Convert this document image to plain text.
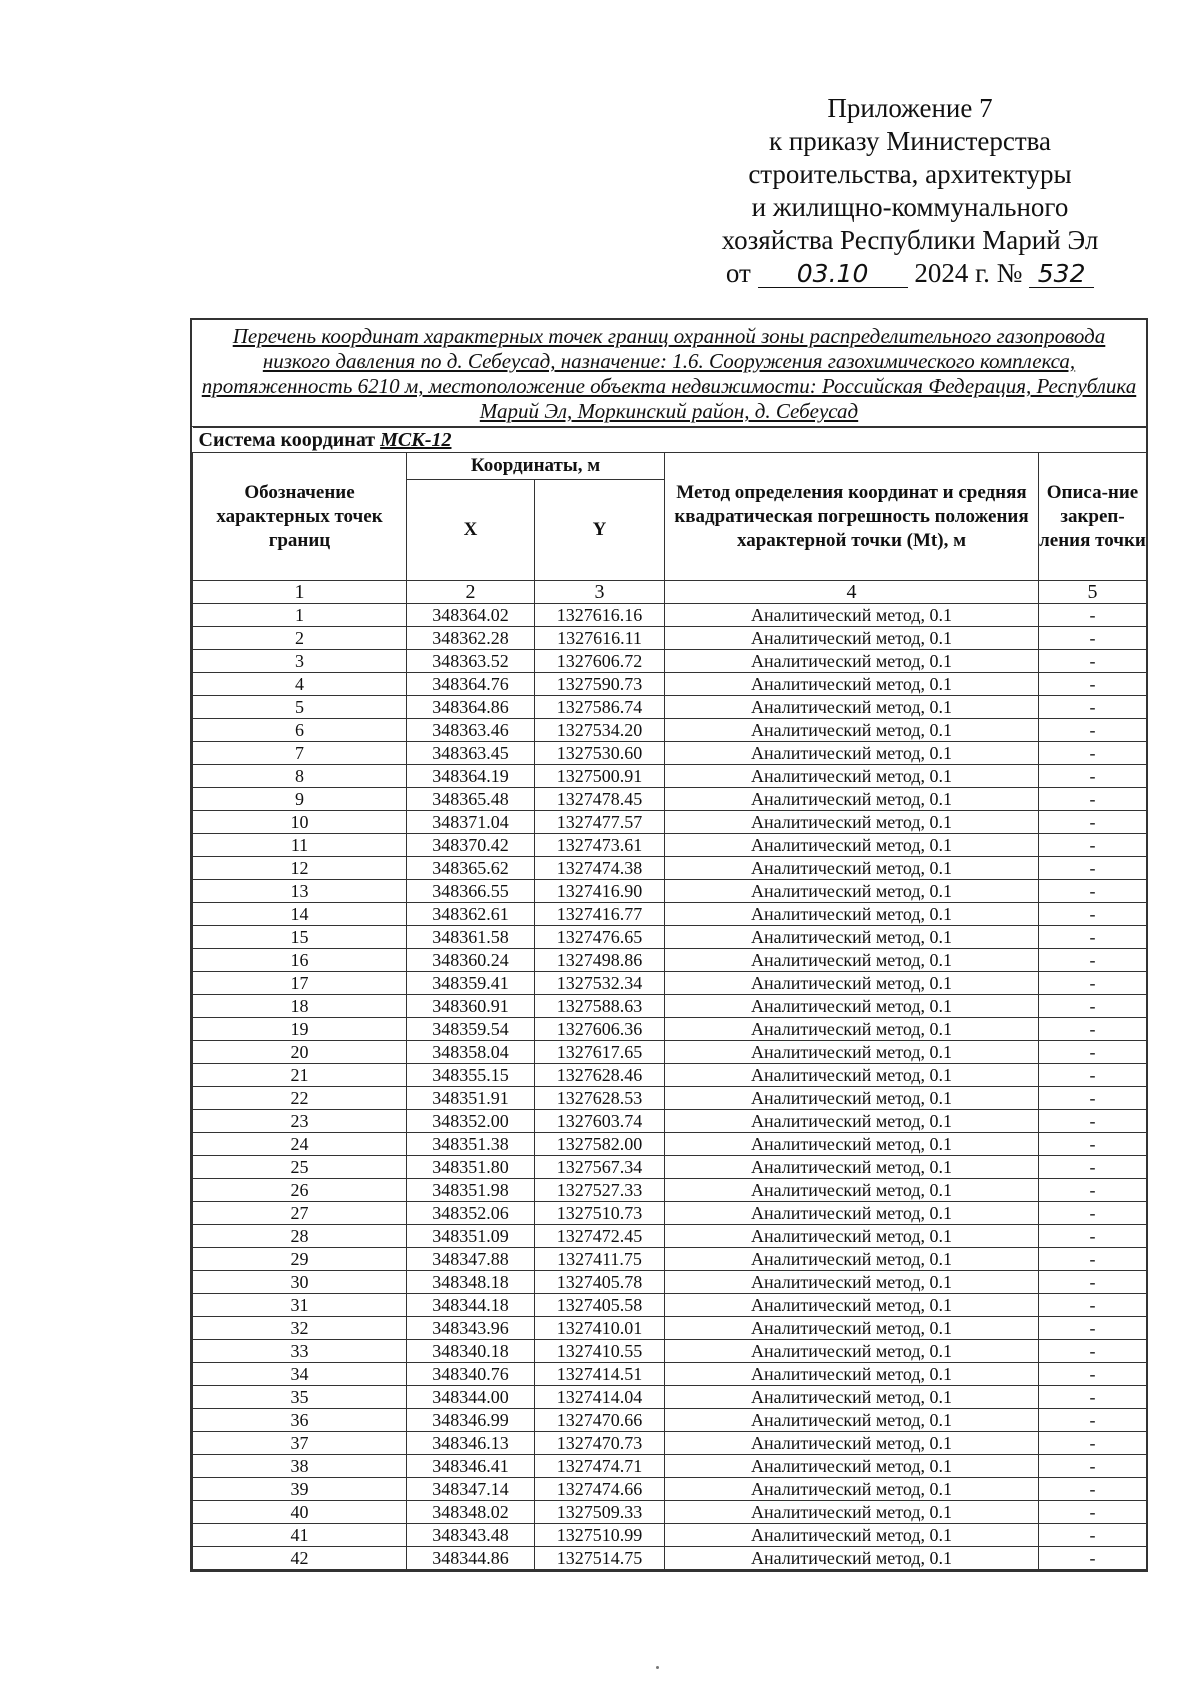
Приложение 7
к приказу Министерства
строительства, архитектуры
и жилищно-коммунального
хозяйства Республики Марий Эл
от 03.10 2024 г. № 532
Перечень координат характерных точек границ охранной зоны распределительного газопровода низкого давления по д. Себеусад, назначение: 1.6. Сооружения газохимического комплекса, протяженность 6210 м, местоположение объекта недвижимости: Российская Федерация, Республика Марий Эл, Моркинский район, д. Себеусад
Система координат МСК-12				
Обозначение характерных точек границ	Координаты, м		Метод определения координат и средняя квадратическая погрешность положения характерной точки (Mt), м	Описа-ние закреп-ления точки
	X	Y		
1	2	3	4	5
1	348364.02	1327616.16	Аналитический метод, 0.1	-
2	348362.28	1327616.11	Аналитический метод, 0.1	-
3	348363.52	1327606.72	Аналитический метод, 0.1	-
4	348364.76	1327590.73	Аналитический метод, 0.1	-
5	348364.86	1327586.74	Аналитический метод, 0.1	-
6	348363.46	1327534.20	Аналитический метод, 0.1	-
7	348363.45	1327530.60	Аналитический метод, 0.1	-
8	348364.19	1327500.91	Аналитический метод, 0.1	-
9	348365.48	1327478.45	Аналитический метод, 0.1	-
10	348371.04	1327477.57	Аналитический метод, 0.1	-
11	348370.42	1327473.61	Аналитический метод, 0.1	-
12	348365.62	1327474.38	Аналитический метод, 0.1	-
13	348366.55	1327416.90	Аналитический метод, 0.1	-
14	348362.61	1327416.77	Аналитический метод, 0.1	-
15	348361.58	1327476.65	Аналитический метод, 0.1	-
16	348360.24	1327498.86	Аналитический метод, 0.1	-
17	348359.41	1327532.34	Аналитический метод, 0.1	-
18	348360.91	1327588.63	Аналитический метод, 0.1	-
19	348359.54	1327606.36	Аналитический метод, 0.1	-
20	348358.04	1327617.65	Аналитический метод, 0.1	-
21	348355.15	1327628.46	Аналитический метод, 0.1	-
22	348351.91	1327628.53	Аналитический метод, 0.1	-
23	348352.00	1327603.74	Аналитический метод, 0.1	-
24	348351.38	1327582.00	Аналитический метод, 0.1	-
25	348351.80	1327567.34	Аналитический метод, 0.1	-
26	348351.98	1327527.33	Аналитический метод, 0.1	-
27	348352.06	1327510.73	Аналитический метод, 0.1	-
28	348351.09	1327472.45	Аналитический метод, 0.1	-
29	348347.88	1327411.75	Аналитический метод, 0.1	-
30	348348.18	1327405.78	Аналитический метод, 0.1	-
31	348344.18	1327405.58	Аналитический метод, 0.1	-
32	348343.96	1327410.01	Аналитический метод, 0.1	-
33	348340.18	1327410.55	Аналитический метод, 0.1	-
34	348340.76	1327414.51	Аналитический метод, 0.1	-
35	348344.00	1327414.04	Аналитический метод, 0.1	-
36	348346.99	1327470.66	Аналитический метод, 0.1	-
37	348346.13	1327470.73	Аналитический метод, 0.1	-
38	348346.41	1327474.71	Аналитический метод, 0.1	-
39	348347.14	1327474.66	Аналитический метод, 0.1	-
40	348348.02	1327509.33	Аналитический метод, 0.1	-
41	348343.48	1327510.99	Аналитический метод, 0.1	-
42	348344.86	1327514.75	Аналитический метод, 0.1	-
